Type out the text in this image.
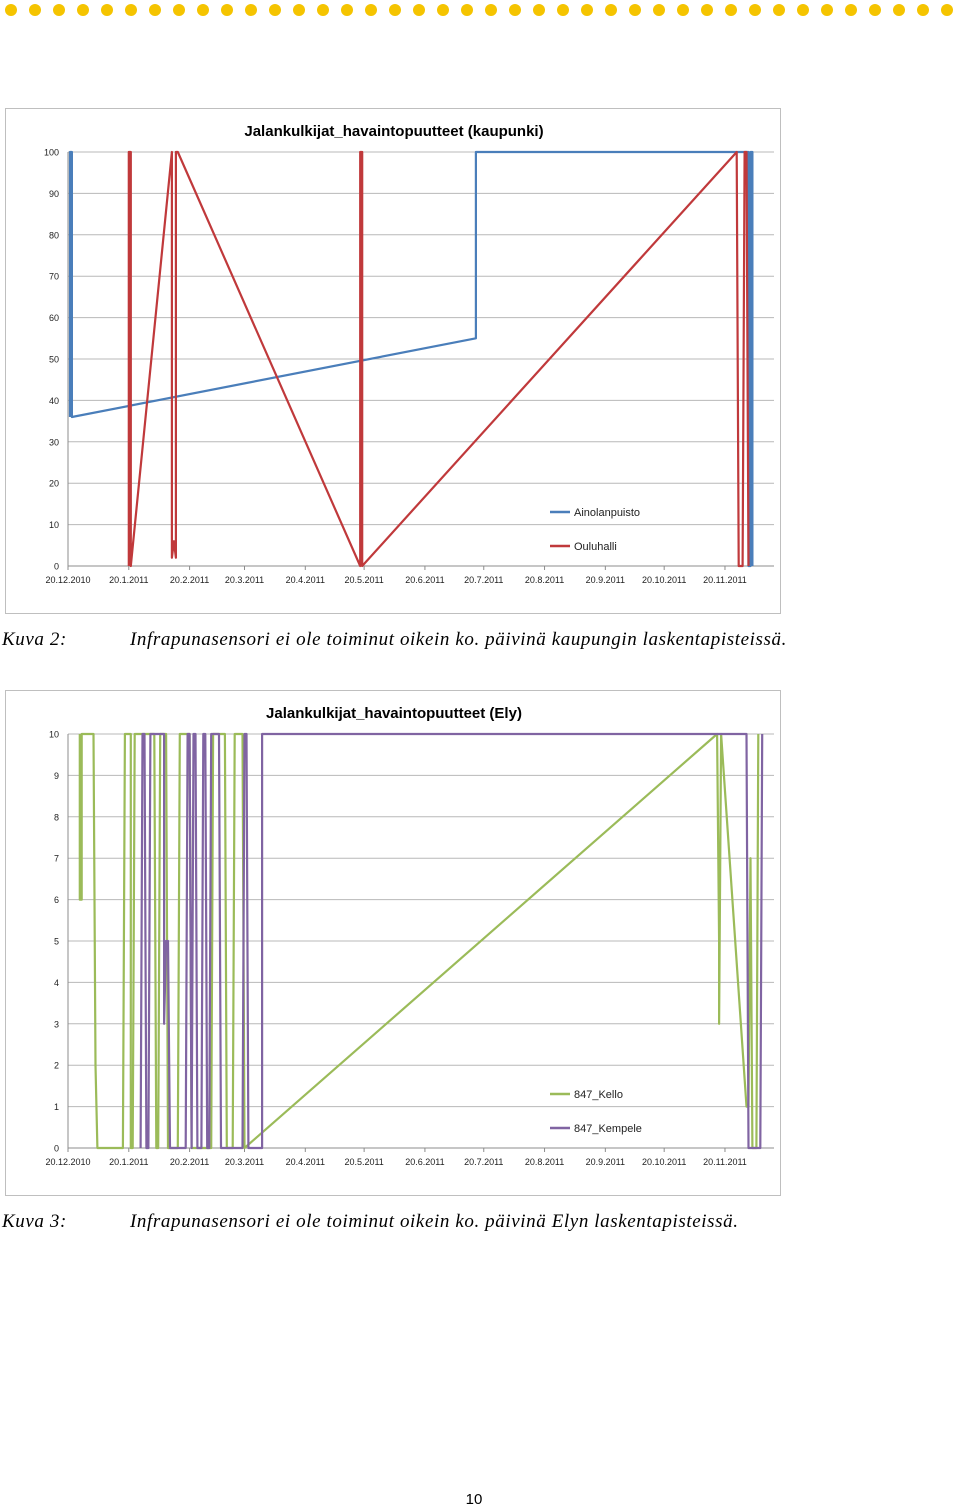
Jalankulkijat_havaintopuutteet (kaupunki)
0
10
20
30
40
50
60
70
80
90
100
20.12.2010 20.1.2011 20.2.2011 20.3.2011 20.4.2011 20.5.2011 20.6.2011 20.7.2011 20.8.2011 20.9.2011 20.10.2011 20.11.2011
Ainolanpuisto
Ouluhalli
Kuva 2:	Infrapunasensori ei ole toiminut oikein ko. päivinä kaupungin laskentapisteissä.
Jalankulkijat_havaintopuutteet (Ely)
0
1
2
3
4
5
6
7
8
9
10
20.12.2010 20.1.2011 20.2.2011 20.3.2011 20.4.2011 20.5.2011 20.6.2011 20.7.2011 20.8.2011 20.9.2011 20.10.2011 20.11.2011
847_Kello
847_Kempele
Kuva 3:	Infrapunasensori ei ole toiminut oikein ko. päivinä Elyn laskentapisteissä.
10
